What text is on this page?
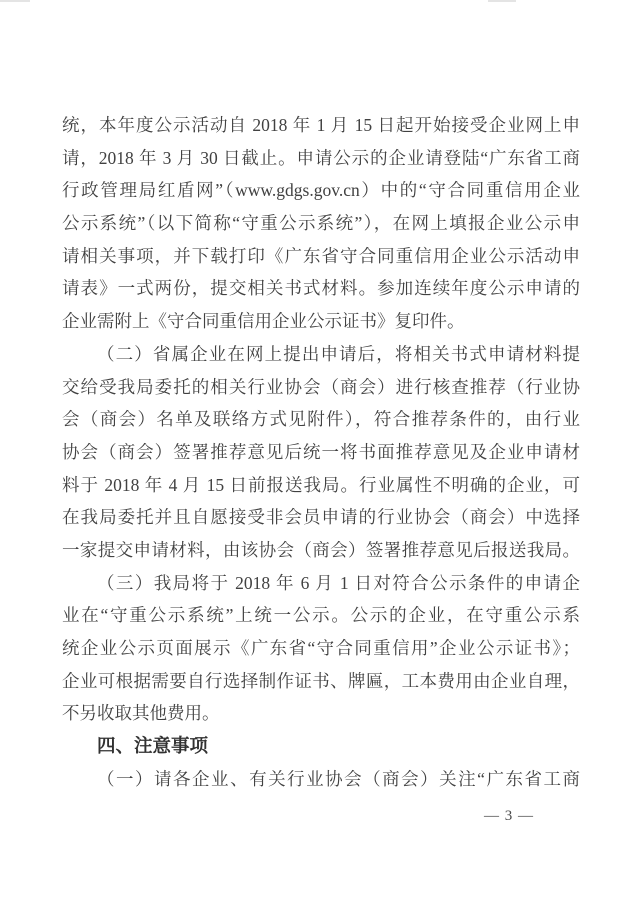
统，本年度公示活动自 2018 年 1 月 15 日起开始接受企业网上申
请，2018 年 3 月 30 日截止。申请公示的企业请登陆“广东省工商
行政管理局红盾网”（www.gdgs.gov.cn）中的“守合同重信用企业
公示系统”（以下简称“守重公示系统”），在网上填报企业公示申
请相关事项，并下载打印《广东省守合同重信用企业公示活动申
请表》一式两份，提交相关书式材料。参加连续年度公示申请的
企业需附上《守合同重信用企业公示证书》复印件。
（二）省属企业在网上提出申请后，将相关书式申请材料提
交给受我局委托的相关行业协会（商会）进行核查推荐（行业协
会（商会）名单及联络方式见附件），符合推荐条件的，由行业
协会（商会）签署推荐意见后统一将书面推荐意见及企业申请材
料于 2018 年 4 月 15 日前报送我局。行业属性不明确的企业，可
在我局委托并且自愿接受非会员申请的行业协会（商会）中选择
一家提交申请材料，由该协会（商会）签署推荐意见后报送我局。
（三）我局将于 2018 年 6 月 1 日对符合公示条件的申请企
业在“守重公示系统”上统一公示。公示的企业，在守重公示系
统企业公示页面展示《广东省“守合同重信用”企业公示证书》；
企业可根据需要自行选择制作证书、牌匾，工本费用由企业自理，
不另收取其他费用。
四、注意事项
（一）请各企业、有关行业协会（商会）关注“广东省工商
— 3 —
